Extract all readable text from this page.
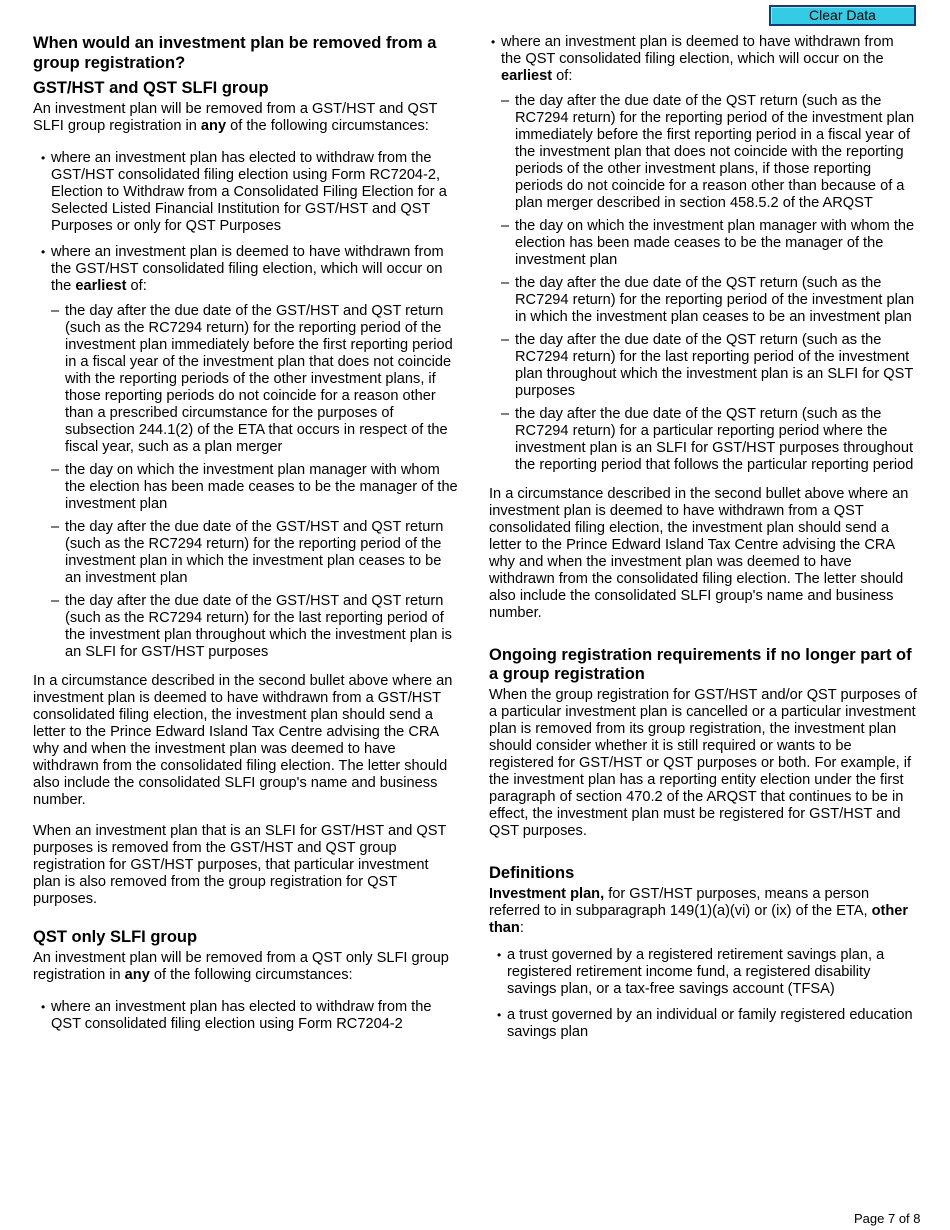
Clear Data
When would an investment plan be removed from a group registration?
GST/HST and QST SLFI group

An investment plan will be removed from a GST/HST and QST SLFI group registration in any of the following circumstances:

• where an investment plan has elected to withdraw from the GST/HST consolidated filing election using Form RC7204-2, Election to Withdraw from a Consolidated Filing Election for a Selected Listed Financial Institution for GST/HST and QST Purposes or only for QST Purposes
• where an investment plan is deemed to have withdrawn from the GST/HST consolidated filing election, which will occur on the earliest of:
– the day after the due date of the GST/HST and QST return (such as the RC7294 return) for the reporting period of the investment plan immediately before the first reporting period in a fiscal year of the investment plan that does not coincide with the reporting periods of the other investment plans, if those reporting periods do not coincide for a reason other than a prescribed circumstance for the purposes of subsection 244.1(2) of the ETA that occurs in respect of the fiscal year, such as a plan merger
– the day on which the investment plan manager with whom the election has been made ceases to be the manager of the investment plan
– the day after the due date of the GST/HST and QST return (such as the RC7294 return) for the reporting period of the investment plan in which the investment plan ceases to be an investment plan
– the day after the due date of the GST/HST and QST return (such as the RC7294 return) for the last reporting period of the investment plan throughout which the investment plan is an SLFI for GST/HST purposes

In a circumstance described in the second bullet above where an investment plan is deemed to have withdrawn from a GST/HST consolidated filing election, the investment plan should send a letter to the Prince Edward Island Tax Centre advising the CRA why and when the investment plan was deemed to have withdrawn from the consolidated filing election. The letter should also include the consolidated SLFI group's name and business number.

When an investment plan that is an SLFI for GST/HST and QST purposes is removed from the GST/HST and QST group registration for GST/HST purposes, that particular investment plan is also removed from the group registration for QST purposes.

QST only SLFI group

An investment plan will be removed from a QST only SLFI group registration in any of the following circumstances:

• where an investment plan has elected to withdraw from the QST consolidated filing election using Form RC7204-2
• where an investment plan is deemed to have withdrawn from the QST consolidated filing election, which will occur on the earliest of:
– the day after the due date of the QST return (such as the RC7294 return) for the reporting period of the investment plan immediately before the first reporting period in a fiscal year of the investment plan that does not coincide with the reporting periods of the other investment plans, if those reporting periods do not coincide for a reason other than because of a plan merger described in section 458.5.2 of the ARQST
– the day on which the investment plan manager with whom the election has been made ceases to be the manager of the investment plan
– the day after the due date of the QST return (such as the RC7294 return) for the reporting period of the investment plan in which the investment plan ceases to be an investment plan
– the day after the due date of the QST return (such as the RC7294 return) for the last reporting period of the investment plan throughout which the investment plan is an SLFI for QST purposes
– the day after the due date of the QST return (such as the RC7294 return) for a particular reporting period where the investment plan is an SLFI for GST/HST purposes throughout the reporting period that follows the particular reporting period

In a circumstance described in the second bullet above where an investment plan is deemed to have withdrawn from a QST consolidated filing election, the investment plan should send a letter to the Prince Edward Island Tax Centre advising the CRA why and when the investment plan was deemed to have withdrawn from the consolidated filing election. The letter should also include the consolidated SLFI group's name and business number.

Ongoing registration requirements if no longer part of a group registration

When the group registration for GST/HST and/or QST purposes of a particular investment plan is cancelled or a particular investment plan is removed from its group registration, the investment plan should consider whether it is still required or wants to be registered for GST/HST or QST purposes or both. For example, if the investment plan has a reporting entity election under the first paragraph of section 470.2 of the ARQST that continues to be in effect, the investment plan must be registered for GST/HST and QST purposes.

Definitions

Investment plan, for GST/HST purposes, means a person referred to in subparagraph 149(1)(a)(vi) or (ix) of the ETA, other than:

• a trust governed by a registered retirement savings plan, a registered retirement income fund, a registered disability savings plan, or a tax-free savings account (TFSA)
• a trust governed by an individual or family registered education savings plan
Page 7 of 8
